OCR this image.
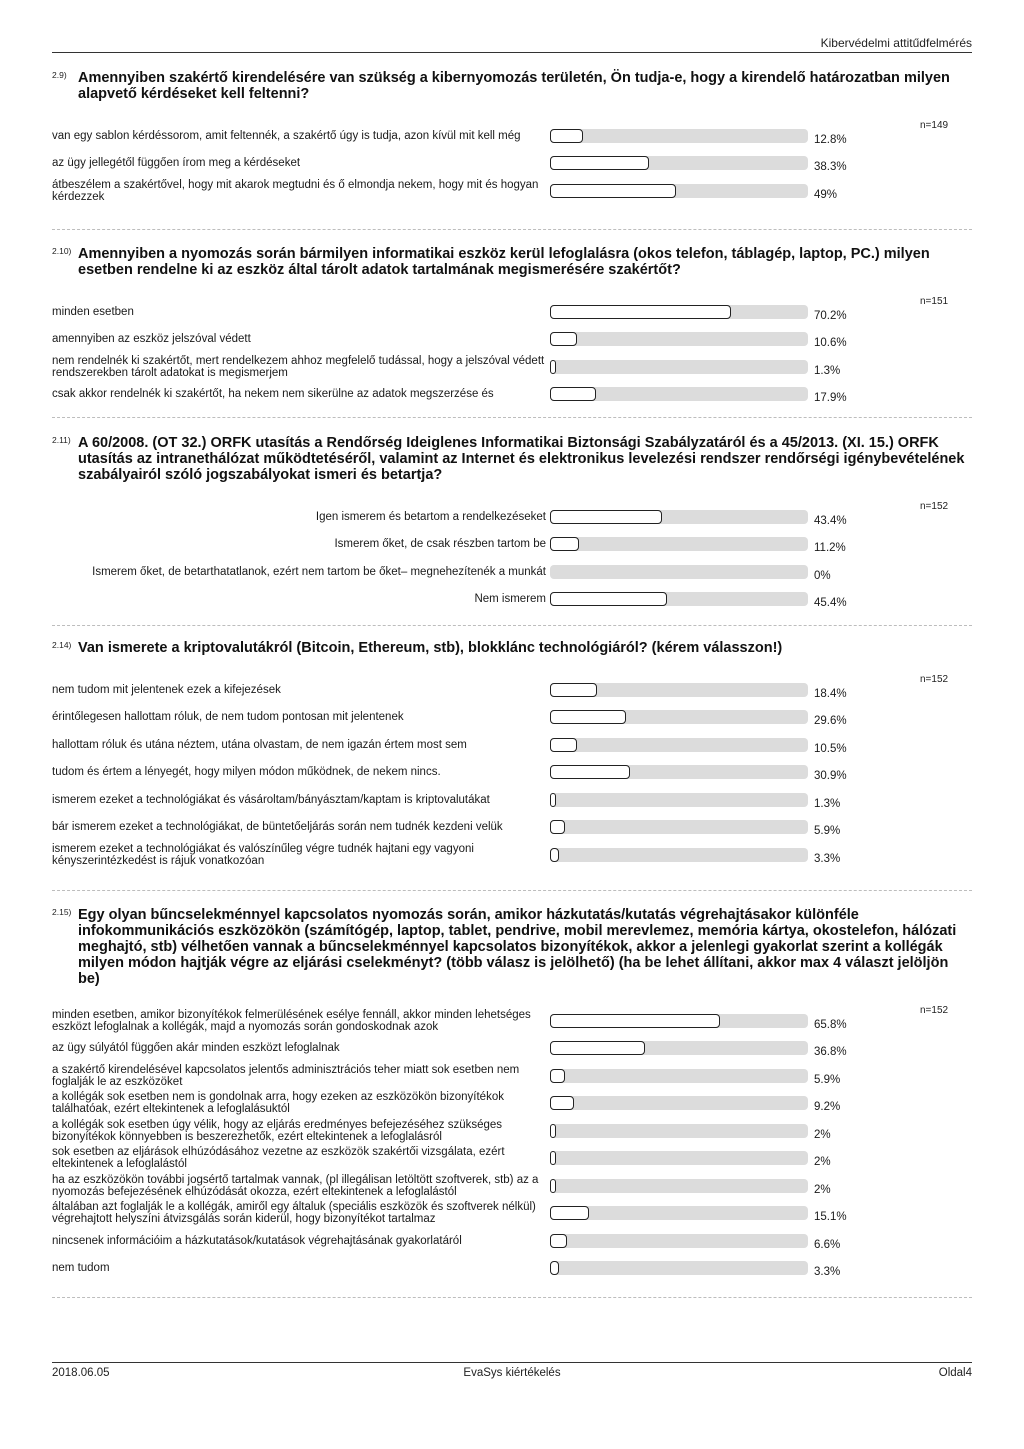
Kibervédelmi attitűdfelmérés
2.9) Amennyiben szakértő kirendelésére van szükség a kibernyomozás területén, Ön tudja-e, hogy a kirendelő határozatban milyen alapvető kérdéseket kell feltenni?
n=149
van egy sablon kérdéssorom, amit feltennék, a szakértő úgy is tudja, azon kívül mit kell még	12.8%
az ügy jellegétől függően írom meg a kérdéseket	38.3%
átbeszélem a szakértővel, hogy mit akarok megtudni és ő elmondja nekem, hogy mit és hogyan kérdezzek	49%
2.10) Amennyiben a nyomozás során bármilyen informatikai eszköz kerül lefoglalásra (okos telefon, táblagép, laptop, PC.) milyen esetben rendelne ki az eszköz által tárolt adatok tartalmának megismerésére szakértőt?
n=151
minden esetben	70.2%
amennyiben az eszköz jelszóval védett	10.6%
nem rendelnék ki szakértőt, mert rendelkezem ahhoz megfelelő tudással, hogy a jelszóval védett rendszerekben tárolt adatokat is megismerjem	1.3%
csak akkor rendelnék ki szakértőt, ha nekem nem sikerülne az adatok megszerzése és	17.9%
2.11) A 60/2008. (OT 32.) ORFK utasítás a Rendőrség Ideiglenes Informatikai Biztonsági Szabályzatáról és a 45/2013. (XI. 15.) ORFK utasítás az intranethálózat működtetéséről, valamint az Internet és elektronikus levelezési rendszer rendőrségi igénybevételének szabályairól szóló jogszabályokat ismeri és betartja?
n=152
Igen ismerem és betartom a rendelkezéseket	43.4%
Ismerem őket, de csak részben tartom be	11.2%
Ismerem őket, de betarthatatlanok, ezért nem tartom be őket– megnehezítenék a munkát	0%
Nem ismerem	45.4%
2.14) Van ismerete a kriptovalutákról (Bitcoin, Ethereum, stb), blokklánc technológiáról? (kérem válasszon!)
n=152
nem tudom mit jelentenek ezek a kifejezések	18.4%
érintőlegesen hallottam róluk, de nem tudom pontosan mit jelentenek	29.6%
hallottam róluk és utána néztem, utána olvastam, de nem igazán értem most sem	10.5%
tudom és értem a lényegét, hogy milyen módon működnek, de nekem nincs.	30.9%
ismerem ezeket a technológiákat és vásároltam/bányásztam/kaptam is kriptovalutákat	1.3%
bár ismerem ezeket a technológiákat, de büntetőeljárás során nem tudnék kezdeni velük	5.9%
ismerem ezeket a technológiákat és valószínűleg végre tudnék hajtani egy vagyoni kényszerintézkedést is rájuk vonatkozóan	3.3%
2.15) Egy olyan bűncselekménnyel kapcsolatos nyomozás során, amikor házkutatás/kutatás végrehajtásakor különféle infokommunikációs eszközökön (számítógép, laptop, tablet, pendrive, mobil merevlemez, memória kártya, okostelefon, hálózati meghajtó, stb) vélhetően vannak a bűncselekménnyel kapcsolatos bizonyítékok, akkor a jelenlegi gyakorlat szerint a kollégák milyen módon hajtják végre az eljárási cselekményt? (több válasz is jelölhető) (ha be lehet állítani, akkor max 4 választ jelöljön be)
n=152
minden esetben, amikor bizonyítékok felmerülésének esélye fennáll, akkor minden lehetséges eszközt lefoglalnak a kollégák, majd a nyomozás során gondoskodnak azok	65.8%
az ügy súlyától függően akár minden eszközt lefoglalnak	36.8%
a szakértő kirendelésével kapcsolatos jelentős adminisztrációs teher miatt sok esetben nem foglalják le az eszközöket	5.9%
a kollégák sok esetben nem is gondolnak arra, hogy ezeken az eszközökön bizonyítékok találhatóak, ezért eltekintenek a lefoglalásuktól	9.2%
a kollégák sok esetben úgy vélik, hogy az eljárás eredményes befejezéséhez szükséges bizonyítékok könnyebben is beszerezhetők, ezért eltekintenek a lefoglalásról	2%
sok esetben az eljárások elhúzódásához vezetne az eszközök szakértői vizsgálata, ezért eltekintenek a lefoglalástól	2%
ha az eszközökön további jogsértő tartalmak vannak, (pl illegálisan letöltött szoftverek, stb) az a nyomozás befejezésének elhúzódását okozza, ezért eltekintenek a lefoglalástól	2%
általában azt foglalják le a kollégák, amiről egy általuk (speciális eszközök és szoftverek nélkül) végrehajtott helyszíni átvizsgálás során kiderül, hogy bizonyítékot tartalmaz	15.1%
nincsenek információim a házkutatások/kutatások végrehajtásának gyakorlatáról	6.6%
nem tudom	3.3%
2018.06.05	EvaSys kiértékelés	Oldal4
